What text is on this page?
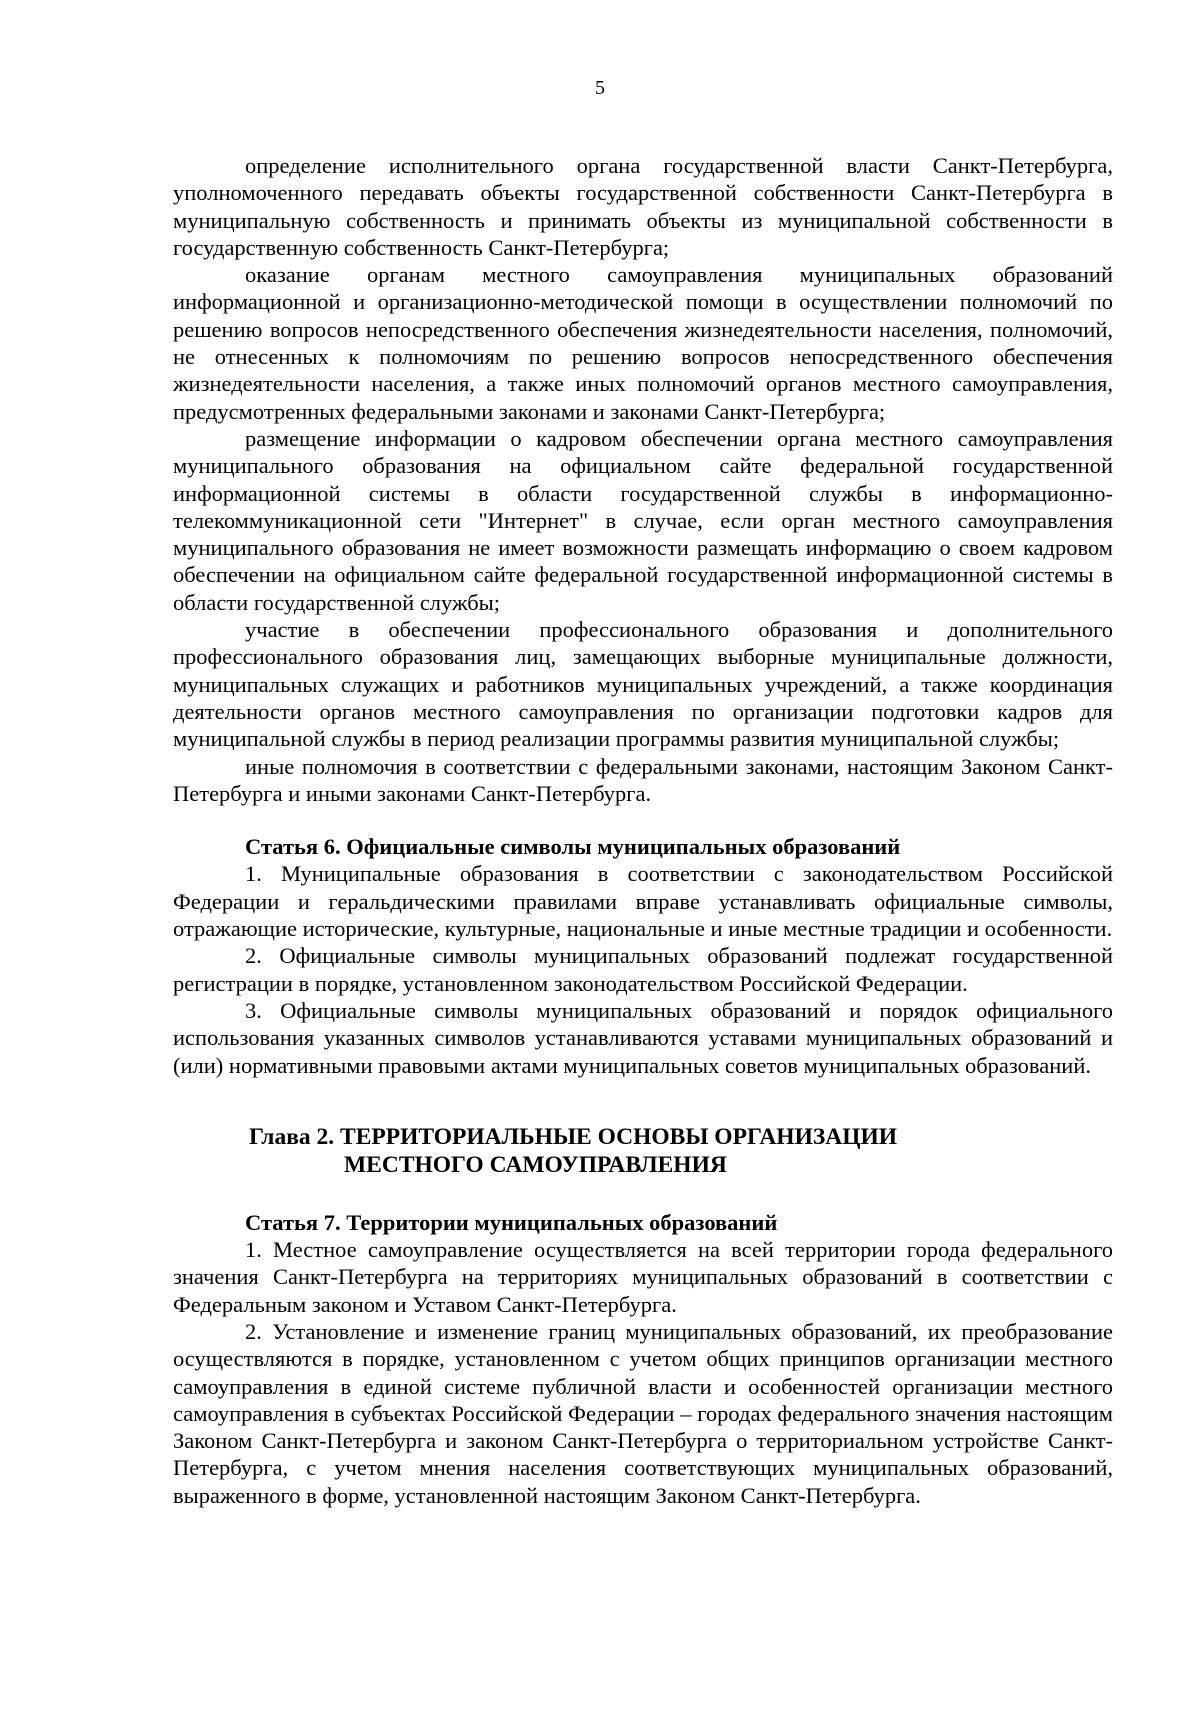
5

определение исполнительного органа государственной власти Санкт-Петербурга, уполномоченного передавать объекты государственной собственности Санкт-Петербурга в муниципальную собственность и принимать объекты из муниципальной собственности в государственную собственность Санкт-Петербурга;

оказание органам местного самоуправления муниципальных образований информационной и организационно-методической помощи в осуществлении полномочий по решению вопросов непосредственного обеспечения жизнедеятельности населения, полномочий, не отнесенных к полномочиям по решению вопросов непосредственного обеспечения жизнедеятельности населения, а также иных полномочий органов местного самоуправления, предусмотренных федеральными законами и законами Санкт-Петербурга;

размещение информации о кадровом обеспечении органа местного самоуправления муниципального образования на официальном сайте федеральной государственной информационной системы в области государственной службы в информационно-телекоммуникационной сети "Интернет" в случае, если орган местного самоуправления муниципального образования не имеет возможности размещать информацию о своем кадровом обеспечении на официальном сайте федеральной государственной информационной системы в области государственной службы;

участие в обеспечении профессионального образования и дополнительного профессионального образования лиц, замещающих выборные муниципальные должности, муниципальных служащих и работников муниципальных учреждений, а также координация деятельности органов местного самоуправления по организации подготовки кадров для муниципальной службы в период реализации программы развития муниципальной службы;

иные полномочия в соответствии с федеральными законами, настоящим Законом Санкт-Петербурга и иными законами Санкт-Петербурга.

Статья 6. Официальные символы муниципальных образований

1. Муниципальные образования в соответствии с законодательством Российской Федерации и геральдическими правилами вправе устанавливать официальные символы, отражающие исторические, культурные, национальные и иные местные традиции и особенности.

2. Официальные символы муниципальных образований подлежат государственной регистрации в порядке, установленном законодательством Российской Федерации.

3. Официальные символы муниципальных образований и порядок официального использования указанных символов устанавливаются уставами муниципальных образований и (или) нормативными правовыми актами муниципальных советов муниципальных образований.

Глава 2. ТЕРРИТОРИАЛЬНЫЕ ОСНОВЫ ОРГАНИЗАЦИИ
МЕСТНОГО САМОУПРАВЛЕНИЯ
Статья 7. Территории муниципальных образований

1. Местное самоуправление осуществляется на всей территории города федерального значения Санкт-Петербурга на территориях муниципальных образований в соответствии с Федеральным законом и Уставом Санкт-Петербурга.

2. Установление и изменение границ муниципальных образований, их преобразование осуществляются в порядке, установленном с учетом общих принципов организации местного самоуправления в единой системе публичной власти и особенностей организации местного самоуправления в субъектах Российской Федерации – городах федерального значения настоящим Законом Санкт-Петербурга и законом Санкт-Петербурга о территориальном устройстве Санкт-Петербурга, с учетом мнения населения соответствующих муниципальных образований, выраженного в форме, установленной настоящим Законом Санкт-Петербурга.
